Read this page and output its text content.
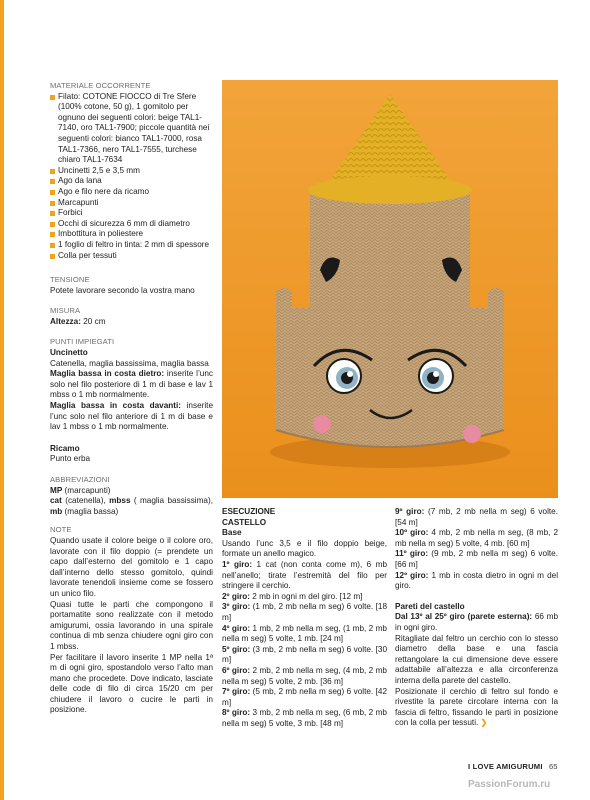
MATERIALE OCCORRENTE
Filato: COTONE FIOCCO di Tre Sfere (100% cotone, 50 g), 1 gomitolo per ognuno dei seguenti colori: beige TAL1-7140, oro TAL1-7900; piccole quantità nei seguenti colori: bianco TAL1-7000, rosa TAL1-7366, nero TAL1-7555, turchese chiaro TAL1-7634
Uncinetti 2,5 e 3,5 mm
Ago da lana
Ago e filo nere da ricamo
Marcapunti
Forbici
Occhi di sicurezza 6 mm di diametro
Imbottitura in poliestere
1 foglio di feltro in tinta: 2 mm di spessore
Colla per tessuti
TENSIONE
Potete lavorare secondo la vostra mano
MISURA
Altezza: 20 cm
PUNTI IMPIEGATI
Uncinetto

Catenella, maglia bassissima, maglia bassa

Maglia bassa in costa dietro: inserite l’unc solo nel filo posteriore di 1 m di base e lav 1 mbss o 1 mb normalmente.

Maglia bassa in costa davanti: inserite l’unc solo nel filo anteriore di 1 m di base e lav 1 mbss o 1 mb normalmente.

Ricamo
Punto erba
ABBREVIAZIONI

MP (marcapunti)

cat (catenella), mbss ( maglia bassissima), mb (maglia bassa)

NOTE

Quando usate il colore beige o il colore oro, lavorate con il filo doppio (= prendete un capo dall’esterno del gomitolo e 1 capo dall’interno dello stesso gomitolo, quindi lavorate tenendoli insieme come se fossero un unico filo.

Quasi tutte le parti che compongono il portamatite sono realizzate con il metodo amigurumi, ossia lavorando in una spirale continua di mb senza chiudere ogni giro con 1 mbss.

Per facilitare il lavoro inserite 1 MP nella 1ª m di ogni giro, spostandolo verso l’alto man mano che procedete. Dove indicato, lasciate delle code di filo di circa 15/20 cm per chiudere il lavoro o cucire le parti in posizione.

ESECUZIONE
CASTELLO
Base

Usando l’unc 3,5 e il filo doppio beige, formate un anello magico.

1º giro: 1 cat (non conta come m), 6 mb nell’anello; tirate l’estremità del filo per stringere il cerchio.

2º giro: 2 mb in ogni m del giro. [12 m]

3º giro: (1 mb, 2 mb nella m seg) 6 volte. [18 m]

4º giro: 1 mb, 2 mb nella m seg, (1 mb, 2 mb nella m seg) 5 volte, 1 mb. [24 m]

5º giro: (3 mb, 2 mb nella m seg) 6 volte. [30 m]

6º giro: 2 mb, 2 mb nella m seg, (4 mb, 2 mb nella m seg) 5 volte, 2 mb. [36 m]

7º giro: (5 mb, 2 mb nella m seg) 6 volte. [42 m]

8º giro: 3 mb, 2 mb nella m seg, (6 mb, 2 mb nella m seg) 5 volte, 3 mb. [48 m]

9º giro: (7 mb, 2 mb nella m seg) 6 volte. [54 m]

10º giro: 4 mb, 2 mb nella m seg, (8 mb, 2 mb nella m seg) 5 volte, 4 mb. [60 m]

11º giro: (9 mb, 2 mb nella m seg) 6 volte. [66 m]

12º giro: 1 mb in costa dietro in ogni m del giro.

Pareti del castello

Dal 13º al 25º giro (parete esterna): 66 mb in ogni giro.

Ritagliate dal feltro un cerchio con lo stesso diametro della base e una fascia rettangolare la cui dimensione deve essere adattabile all’altezza e alla circonferenza interna della parete del castello.

Posizionate il cerchio di feltro sul fondo e rivestite la parete circolare interna con la fascia di feltro, fissando le parti in posizione con la colla per tessuti. ❯

I LOVE AMIGURUMI 65
PassionForum.ru
